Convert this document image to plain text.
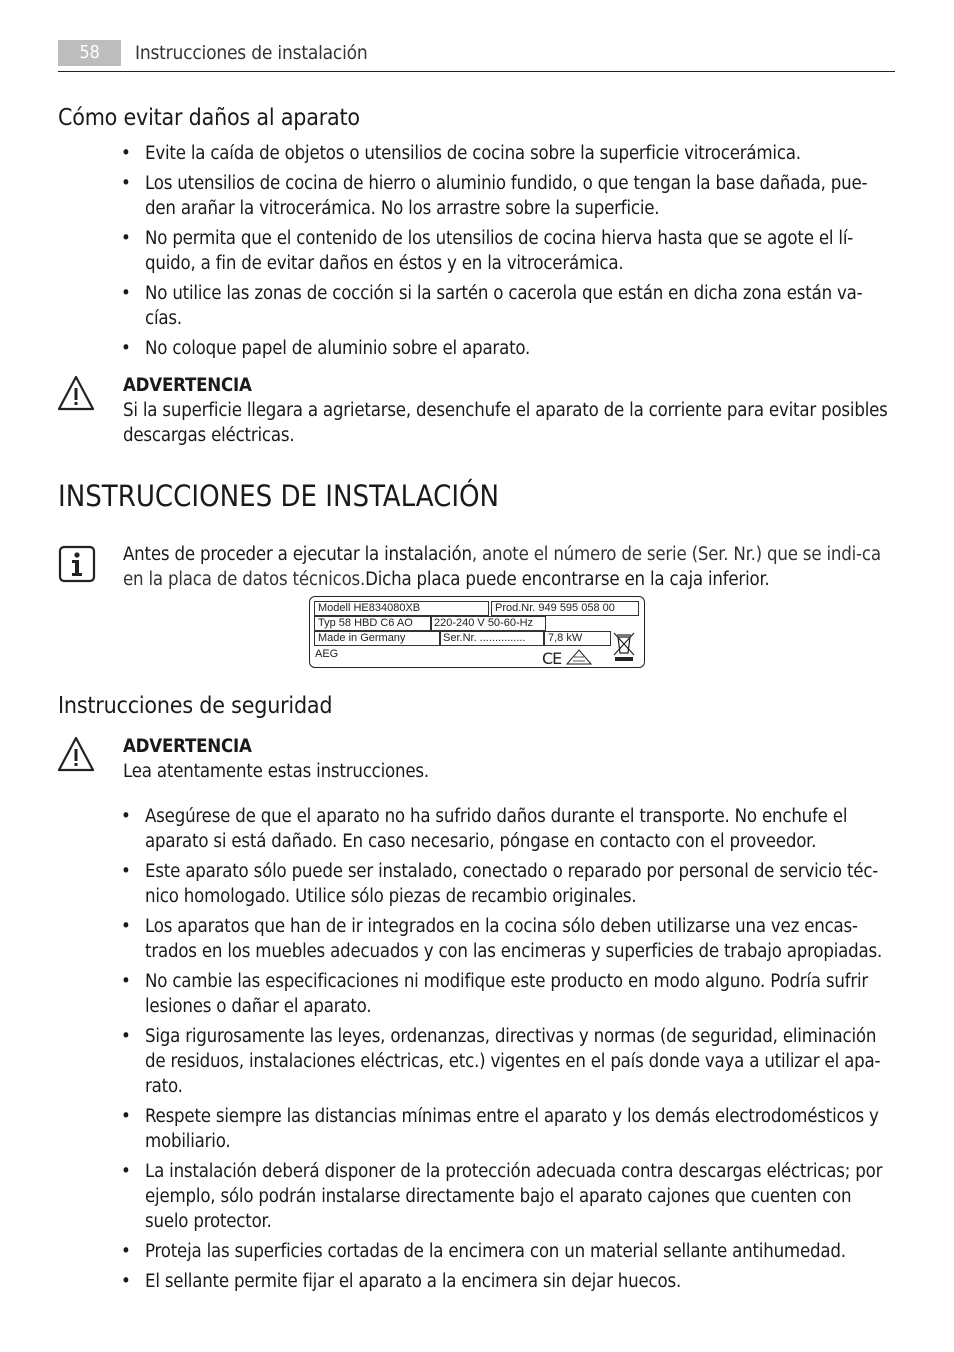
58	Instrucciones de instalación
Cómo evitar daños al aparato
• Evite la caída de objetos o utensilios de cocina sobre la superficie vitrocerámica.
• Los utensilios de cocina de hierro o aluminio fundido, o que tengan la base dañada, pue-den arañar la vitrocerámica. No los arrastre sobre la superficie.
• No permita que el contenido de los utensilios de cocina hierva hasta que se agote el lí-quido, a fin de evitar daños en éstos y en la vitrocerámica.
• No utilice las zonas de cocción si la sartén o cacerola que están en dicha zona están va-cías.
• No coloque papel de aluminio sobre el aparato.
ADVERTENCIA
Si la superficie llegara a agrietarse, desenchufe el aparato de la corriente para evitar posibles descargas eléctricas.
INSTRUCCIONES DE INSTALACIÓN
Antes de proceder a ejecutar la instalación, anote el número de serie (Ser. Nr.) que se indi-ca en la placa de datos técnicos.Dicha placa puede encontrarse en la caja inferior.
Modell HE834080XB	Prod.Nr. 949 595 058 00
Typ 58 HBD C6 AO	220-240 V 50-60-Hz
Made in Germany	Ser.Nr. ...............	7,8 kW
AEG	CE
Instrucciones de seguridad
ADVERTENCIA
Lea atentamente estas instrucciones.
• Asegúrese de que el aparato no ha sufrido daños durante el transporte. No enchufe el aparato si está dañado. En caso necesario, póngase en contacto con el proveedor.
• Este aparato sólo puede ser instalado, conectado o reparado por personal de servicio téc-nico homologado. Utilice sólo piezas de recambio originales.
• Los aparatos que han de ir integrados en la cocina sólo deben utilizarse una vez encas-trados en los muebles adecuados y con las encimeras y superficies de trabajo apropiadas.
• No cambie las especificaciones ni modifique este producto en modo alguno. Podría sufrir lesiones o dañar el aparato.
• Siga rigurosamente las leyes, ordenanzas, directivas y normas (de seguridad, eliminación de residuos, instalaciones eléctricas, etc.) vigentes en el país donde vaya a utilizar el apa-rato.
• Respete siempre las distancias mínimas entre el aparato y los demás electrodomésticos y mobiliario.
• La instalación deberá disponer de la protección adecuada contra descargas eléctricas; por ejemplo, sólo podrán instalarse directamente bajo el aparato cajones que cuenten con suelo protector.
• Proteja las superficies cortadas de la encimera con un material sellante antihumedad.
• El sellante permite fijar el aparato a la encimera sin dejar huecos.
